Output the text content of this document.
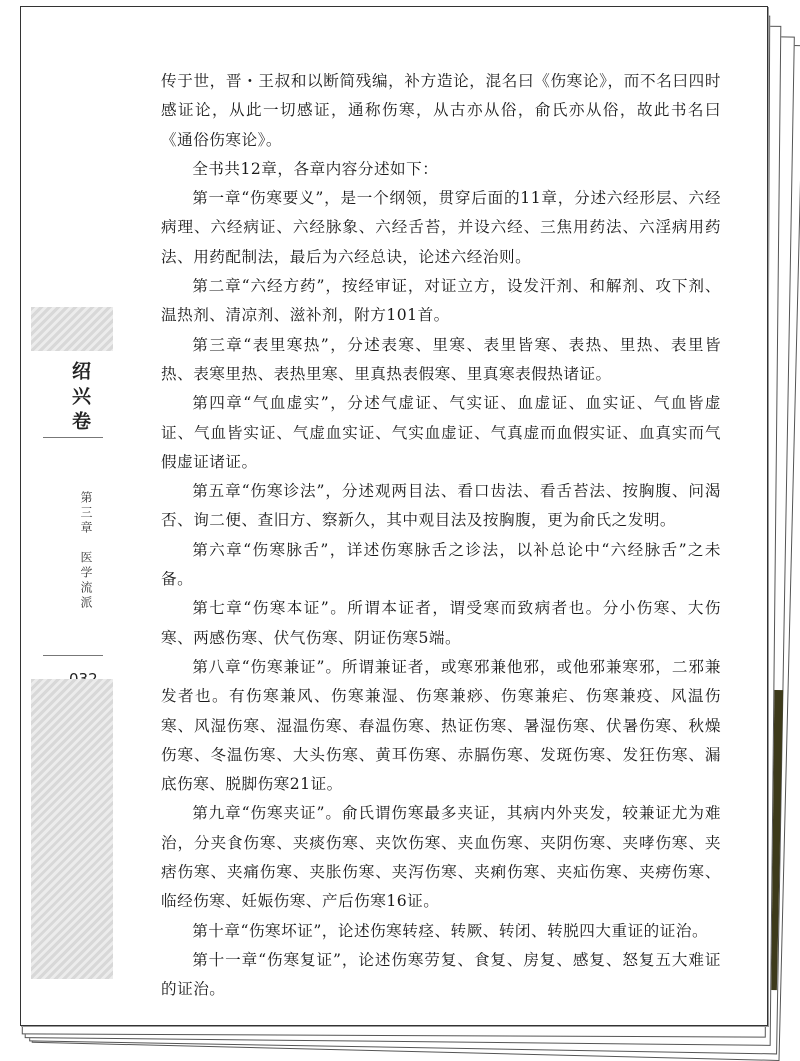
绍兴卷
第三章　医学流派

传于世，晋・王叔和以断简残编，补方造论，混名曰《伤寒论》，而不名曰四时感证论，从此一切感证，通称伤寒，从古亦从俗，俞氏亦从俗，故此书名曰《通俗伤寒论》。

全书共12章，各章内容分述如下：

第一章“伤寒要义”，是一个纲领，贯穿后面的11章，分述六经形层、六经病理、六经病证、六经脉象、六经舌苔，并设六经、三焦用药法、六淫病用药法、用药配制法，最后为六经总诀，论述六经治则。

第二章“六经方药”，按经审证，对证立方，设发汗剂、和解剂、攻下剂、温热剂、清凉剂、滋补剂，附方101首。

第三章“表里寒热”，分述表寒、里寒、表里皆寒、表热、里热、表里皆热、表寒里热、表热里寒、里真热表假寒、里真寒表假热诸证。

第四章“气血虚实”，分述气虚证、气实证、血虚证、血实证、气血皆虚证、气血皆实证、气虚血实证、气实血虚证、气真虚而血假实证、血真实而气假虚证诸证。

第五章“伤寒诊法”，分述观两目法、看口齿法、看舌苔法、按胸腹、问渴否、询二便、查旧方、察新久，其中观目法及按胸腹，更为俞氏之发明。

第六章“伤寒脉舌”，详述伤寒脉舌之诊法，以补总论中“六经脉舌”之未备。

第七章“伤寒本证”。所谓本证者，谓受寒而致病者也。分小伤寒、大伤寒、两感伤寒、伏气伤寒、阴证伤寒5端。

第八章“伤寒兼证”。所谓兼证者，或寒邪兼他邪，或他邪兼寒邪，二邪兼发者也。有伤寒兼风、伤寒兼湿、伤寒兼痧、伤寒兼疟、伤寒兼疫、风温伤寒、风湿伤寒、湿温伤寒、春温伤寒、热证伤寒、暑湿伤寒、伏暑伤寒、秋燥伤寒、冬温伤寒、大头伤寒、黄耳伤寒、赤膈伤寒、发斑伤寒、发狂伤寒、漏底伤寒、脱脚伤寒21证。

第九章“伤寒夹证”。俞氏谓伤寒最多夹证，其病内外夹发，较兼证尤为难治，分夹食伤寒、夹痰伤寒、夹饮伤寒、夹血伤寒、夹阴伤寒、夹哮伤寒、夹痞伤寒、夹痛伤寒、夹胀伤寒、夹泻伤寒、夹痢伤寒、夹疝伤寒、夹痨伤寒、临经伤寒、妊娠伤寒、产后伤寒16证。

第十章“伤寒坏证”，论述伤寒转痉、转厥、转闭、转脱四大重证的证治。

第十一章“伤寒复证”，论述伤寒劳复、食复、房复、感复、怒复五大难证的证治。
